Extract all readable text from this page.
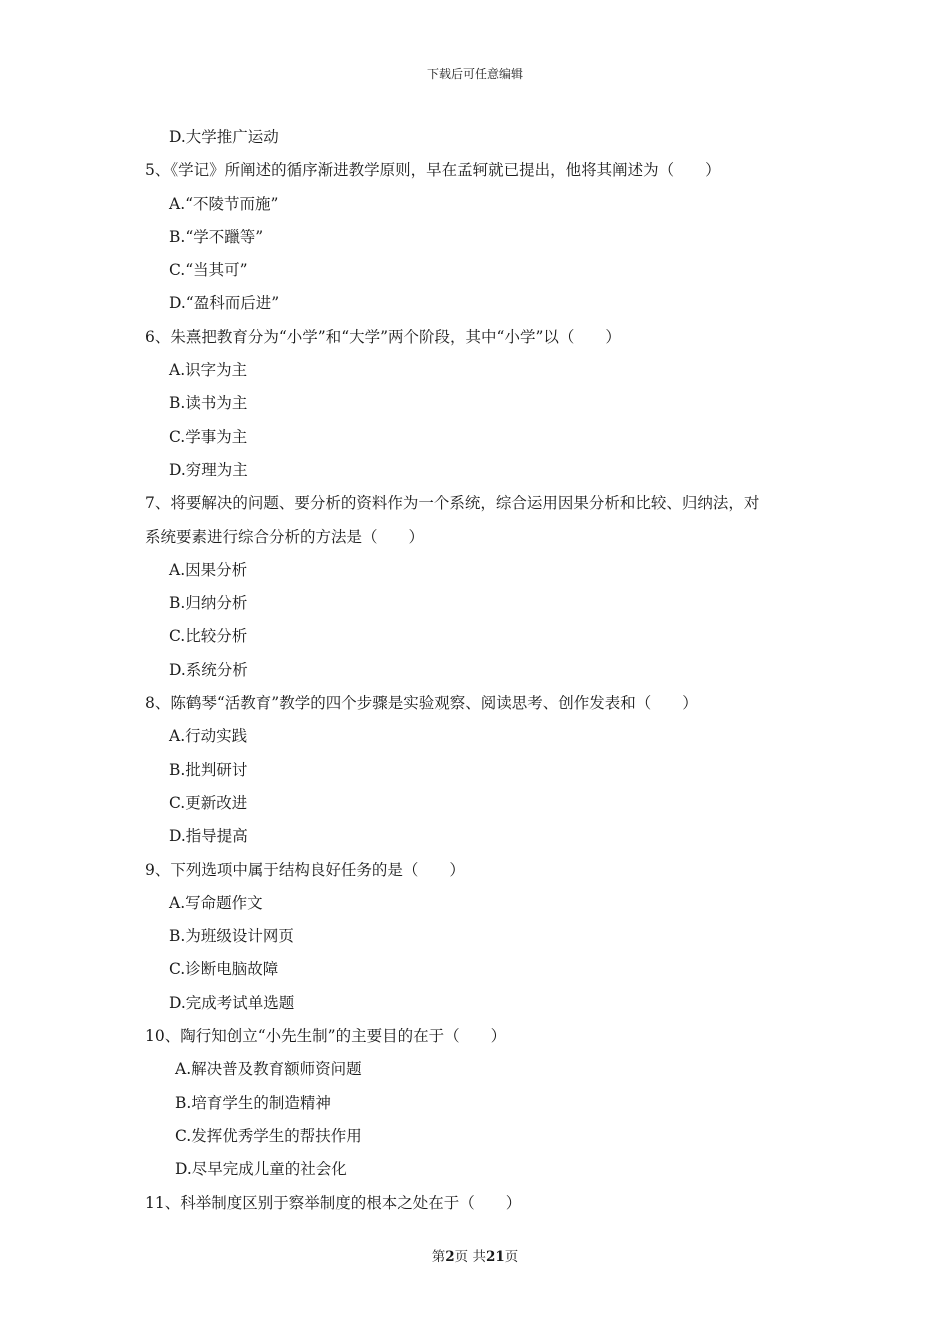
下载后可任意编辑
D.大学推广运动
5、《学记》所阐述的循序渐进教学原则，早在孟轲就已提出，他将其阐述为（　　）
A.“不陵节而施”
B.“学不躐等”
C.“当其可”
D.“盈科而后进”
6、朱熹把教育分为“小学”和“大学”两个阶段，其中“小学”以（　　）
A.识字为主
B.读书为主
C.学事为主
D.穷理为主
7、将要解决的问题、要分析的资料作为一个系统，综合运用因果分析和比较、归纳法，对
系统要素进行综合分析的方法是（　　）
A.因果分析
B.归纳分析
C.比较分析
D.系统分析
8、陈鹤琴“活教育”教学的四个步骤是实验观察、阅读思考、创作发表和（　　）
A.行动实践
B.批判研讨
C.更新改进
D.指导提高
9、下列选项中属于结构良好任务的是（　　）
A.写命题作文
B.为班级设计网页
C.诊断电脑故障
D.完成考试单选题
10、陶行知创立“小先生制”的主要目的在于（　　）
A.解决普及教育额师资问题
B.培育学生的制造精神
C.发挥优秀学生的帮扶作用
D.尽早完成儿童的社会化
11、科举制度区别于察举制度的根本之处在于（　　）
第2页 共21页
